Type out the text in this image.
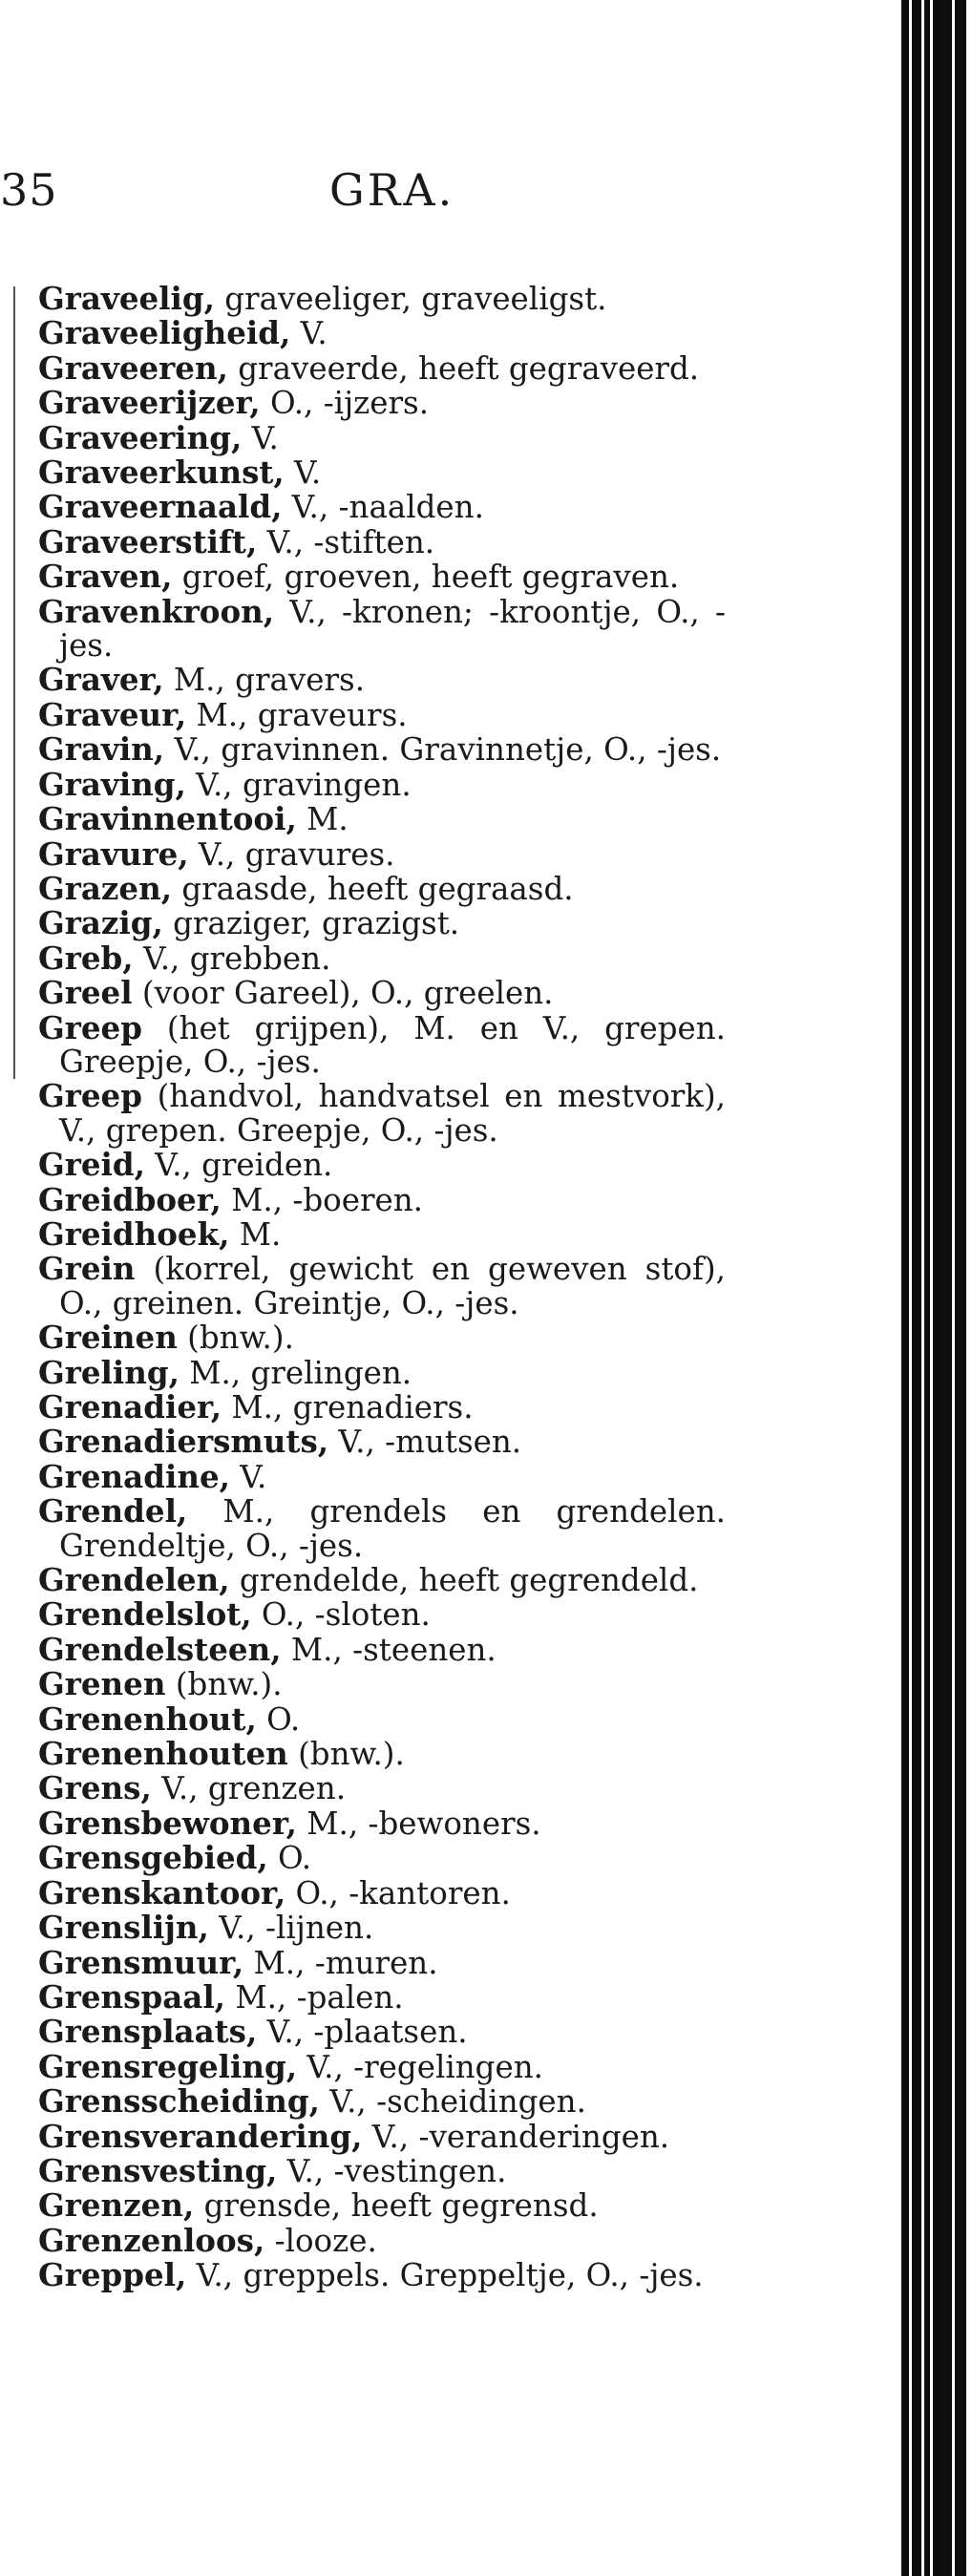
35	GRA.
Graveelig, graveeliger, graveeligst.
Graveeligheid, V.
Graveeren, graveerde, heeft gegraveerd.
Graveerijzer, O., -ijzers.
Graveering, V.
Graveerkunst, V.
Graveernaald, V., -naalden.
Graveerstift, V., -stiften.
Graven, groef, groeven, heeft gegraven.
Gravenkroon, V., -kronen; -kroontje, O., -jes.
Graver, M., gravers.
Graveur, M., graveurs.
Gravin, V., gravinnen. Gravinnetje, O., -jes.
Graving, V., gravingen.
Gravinnentooi, M.
Gravure, V., gravures.
Grazen, graasde, heeft gegraasd.
Grazig, graziger, grazigst.
Greb, V., grebben.
Greel (voor Gareel), O., greelen.
Greep (het grijpen), M. en V., grepen. Greepje, O., -jes.
Greep (handvol, handvatsel en mestvork), V., grepen. Greepje, O., -jes.
Greid, V., greiden.
Greidboer, M., -boeren.
Greidhoek, M.
Grein (korrel, gewicht en geweven stof), O., greinen. Greintje, O., -jes.
Greinen (bnw.).
Greling, M., grelingen.
Grenadier, M., grenadiers.
Grenadiersmuts, V., -mutsen.
Grenadine, V.
Grendel, M., grendels en grendelen. Grendeltje, O., -jes.
Grendelen, grendelde, heeft gegrendeld.
Grendelslot, O., -sloten.
Grendelsteen, M., -steenen.
Grenen (bnw.).
Grenenhout, O.
Grenenhouten (bnw.).
Grens, V., grenzen.
Grensbewoner, M., -bewoners.
Grensgebied, O.
Grenskantoor, O., -kantoren.
Grenslijn, V., -lijnen.
Grensmuur, M., -muren.
Grenspaal, M., -palen.
Grensplaats, V., -plaatsen.
Grensregeling, V., -regelingen.
Grensscheiding, V., -scheidingen.
Grensverandering, V., -veranderingen.
Grensvesting, V., -vestingen.
Grenzen, grensde, heeft gegrensd.
Grenzenloos, -looze.
Greppel, V., greppels. Greppeltje, O., -jes.
